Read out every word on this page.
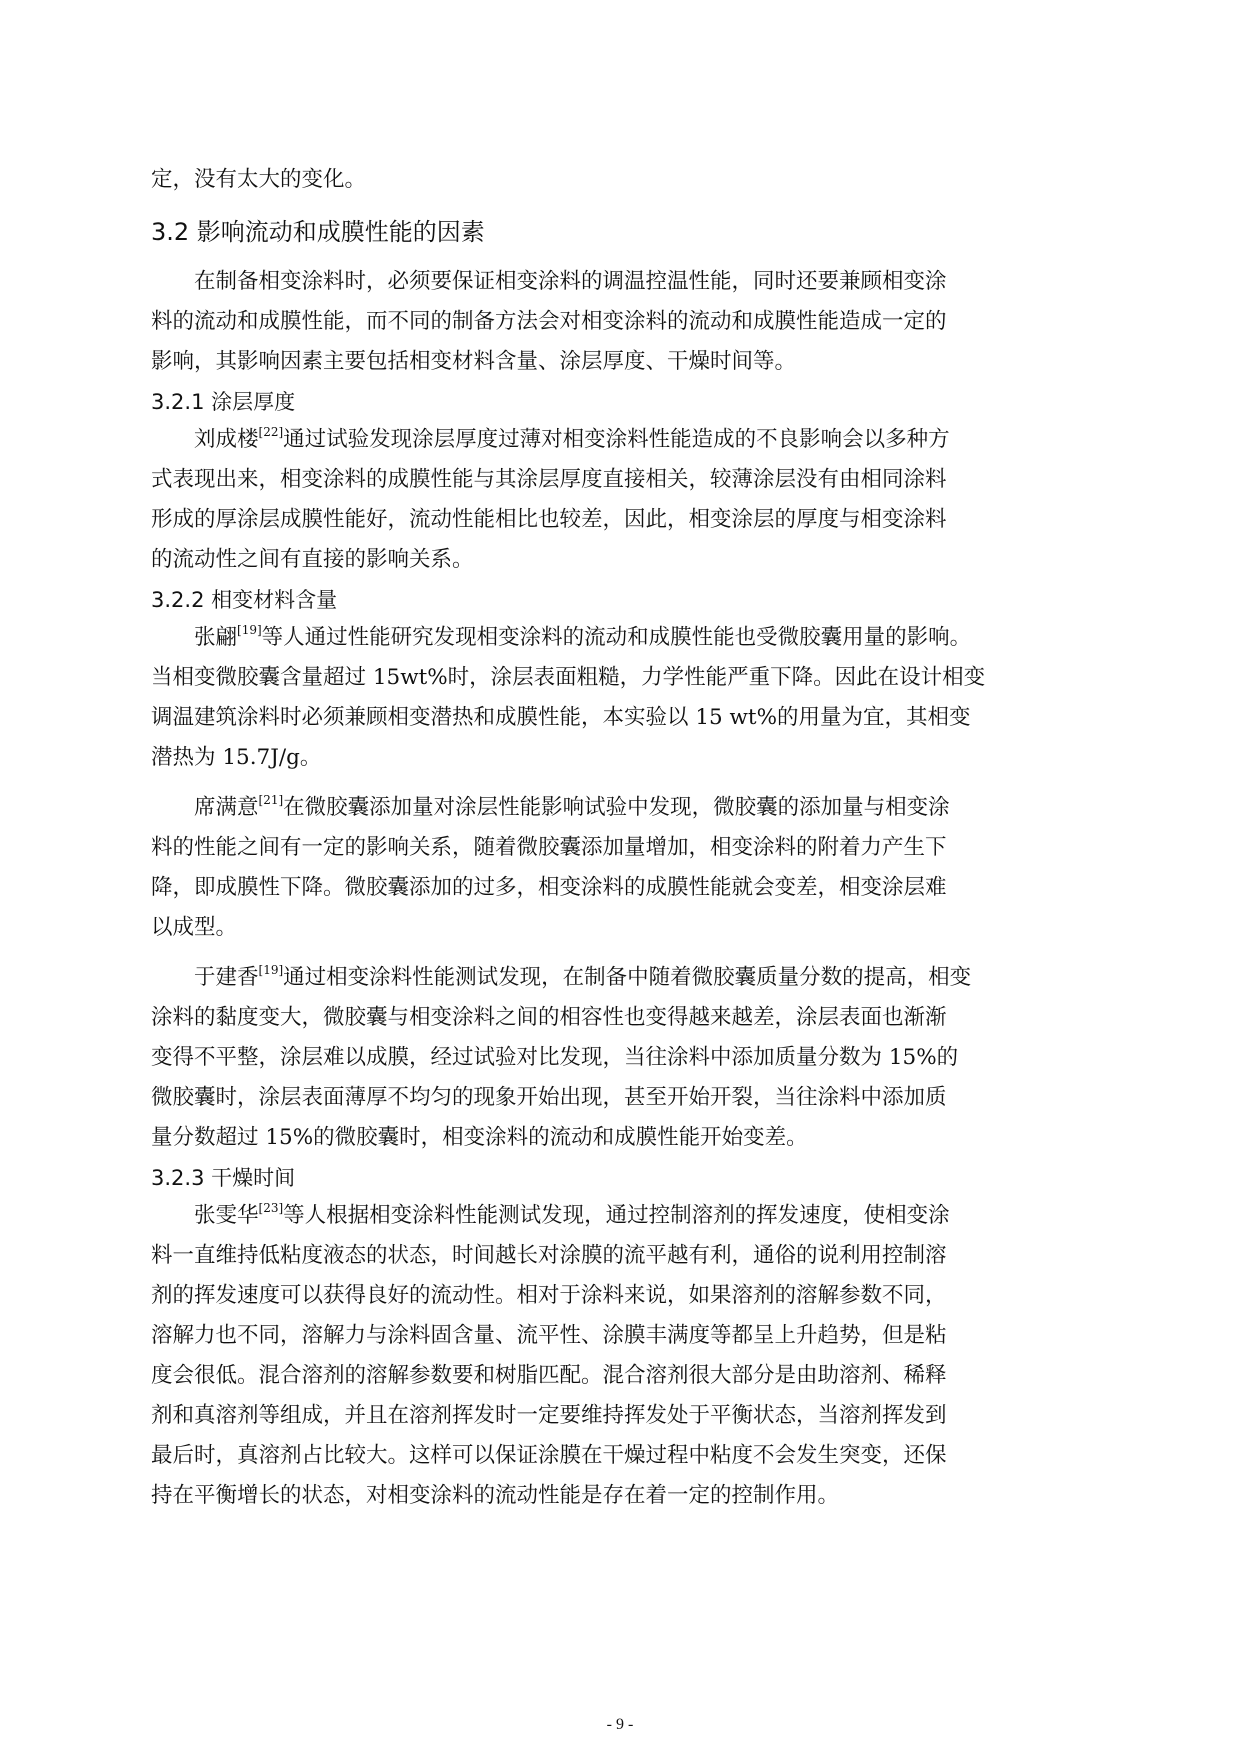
定，没有太大的变化。
3.2 影响流动和成膜性能的因素
在制备相变涂料时，必须要保证相变涂料的调温控温性能，同时还要兼顾相变涂
料的流动和成膜性能，而不同的制备方法会对相变涂料的流动和成膜性能造成一定的
影响，其影响因素主要包括相变材料含量、涂层厚度、干燥时间等。
3.2.1 涂层厚度
刘成楼[22]通过试验发现涂层厚度过薄对相变涂料性能造成的不良影响会以多种方
式表现出来，相变涂料的成膜性能与其涂层厚度直接相关，较薄涂层没有由相同涂料
形成的厚涂层成膜性能好，流动性能相比也较差，因此，相变涂层的厚度与相变涂料
的流动性之间有直接的影响关系。
3.2.2 相变材料含量
张翩[19]等人通过性能研究发现相变涂料的流动和成膜性能也受微胶囊用量的影响。
当相变微胶囊含量超过 15wt%时，涂层表面粗糙，力学性能严重下降。因此在设计相变
调温建筑涂料时必须兼顾相变潜热和成膜性能，本实验以 15 wt%的用量为宜，其相变
潜热为 15.7J/g。
席满意[21]在微胶囊添加量对涂层性能影响试验中发现，微胶囊的添加量与相变涂
料的性能之间有一定的影响关系，随着微胶囊添加量增加，相变涂料的附着力产生下
降，即成膜性下降。微胶囊添加的过多，相变涂料的成膜性能就会变差，相变涂层难
以成型。
于建香[19]通过相变涂料性能测试发现，在制备中随着微胶囊质量分数的提高，相变
涂料的黏度变大，微胶囊与相变涂料之间的相容性也变得越来越差，涂层表面也渐渐
变得不平整，涂层难以成膜，经过试验对比发现，当往涂料中添加质量分数为 15%的
微胶囊时，涂层表面薄厚不均匀的现象开始出现，甚至开始开裂，当往涂料中添加质
量分数超过 15%的微胶囊时，相变涂料的流动和成膜性能开始变差。
3.2.3 干燥时间
张雯华[23]等人根据相变涂料性能测试发现，通过控制溶剂的挥发速度，使相变涂
料一直维持低粘度液态的状态，时间越长对涂膜的流平越有利，通俗的说利用控制溶
剂的挥发速度可以获得良好的流动性。相对于涂料来说，如果溶剂的溶解参数不同，
溶解力也不同，溶解力与涂料固含量、流平性、涂膜丰满度等都呈上升趋势，但是粘
度会很低。混合溶剂的溶解参数要和树脂匹配。混合溶剂很大部分是由助溶剂、稀释
剂和真溶剂等组成，并且在溶剂挥发时一定要维持挥发处于平衡状态，当溶剂挥发到
最后时，真溶剂占比较大。这样可以保证涂膜在干燥过程中粘度不会发生突变，还保
持在平衡增长的状态，对相变涂料的流动性能是存在着一定的控制作用。
- 9 -
